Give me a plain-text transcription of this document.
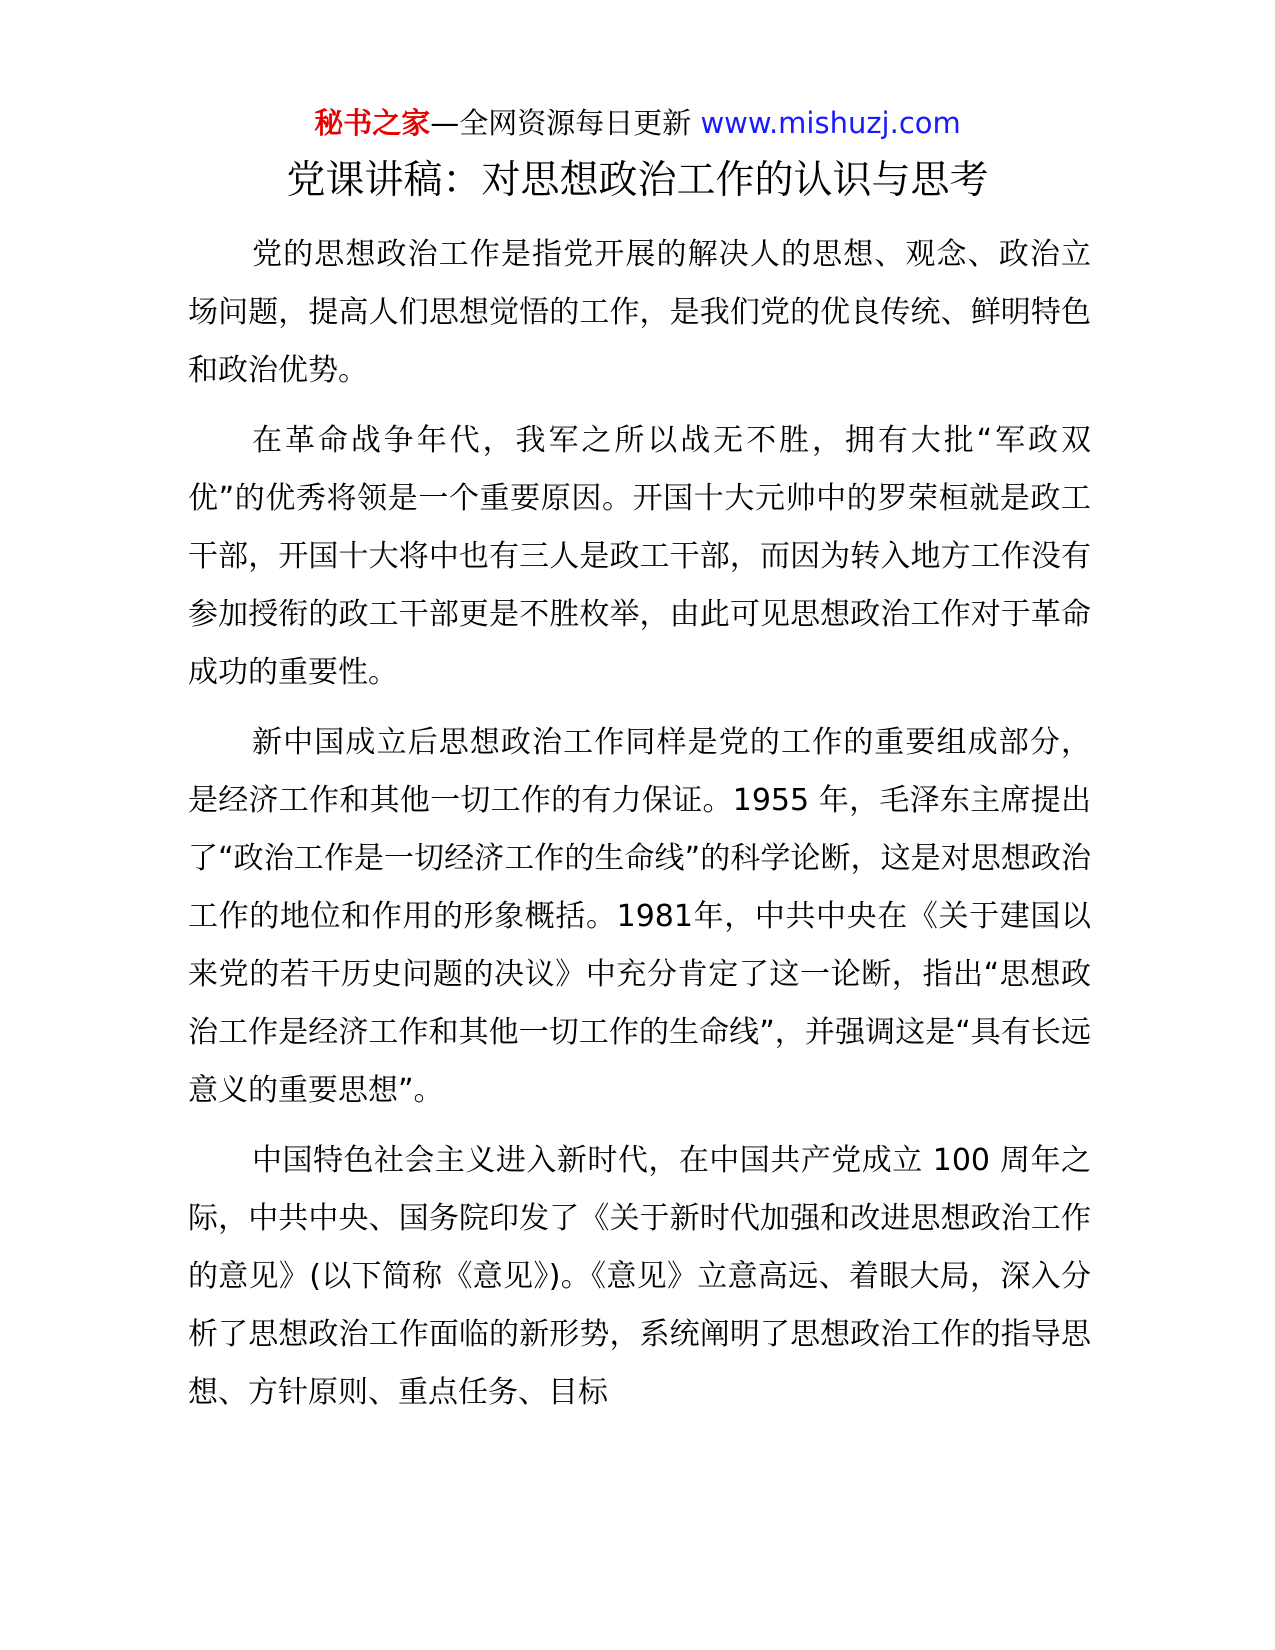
秘书之家—全网资源每日更新 www.mishuzj.com
党课讲稿：对思想政治工作的认识与思考

党的思想政治工作是指党开展的解决人的思想、观念、政治立场问题，提高人们思想觉悟的工作，是我们党的优良传统、鲜明特色和政治优势。

在革命战争年代，我军之所以战无不胜，拥有大批“军政双优”的优秀将领是一个重要原因。开国十大元帅中的罗荣桓就是政工干部，开国十大将中也有三人是政工干部，而因为转入地方工作没有参加授衔的政工干部更是不胜枚举，由此可见思想政治工作对于革命成功的重要性。

新中国成立后思想政治工作同样是党的工作的重要组成部分，是经济工作和其他一切工作的有力保证。1955 年，毛泽东主席提出了“政治工作是一切经济工作的生命线”的科学论断，这是对思想政治工作的地位和作用的形象概括。1981年，中共中央在《关于建国以来党的若干历史问题的决议》中充分肯定了这一论断，指出“思想政治工作是经济工作和其他一切工作的生命线”，并强调这是“具有长远意义的重要思想”。

中国特色社会主义进入新时代，在中国共产党成立 100 周年之际，中共中央、国务院印发了《关于新时代加强和改进思想政治工作的意见》(以下简称《意见》)。《意见》立意高远、着眼大局，深入分析了思想政治工作面临的新形势，系统阐明了思想政治工作的指导思想、方针原则、重点任务、目标
